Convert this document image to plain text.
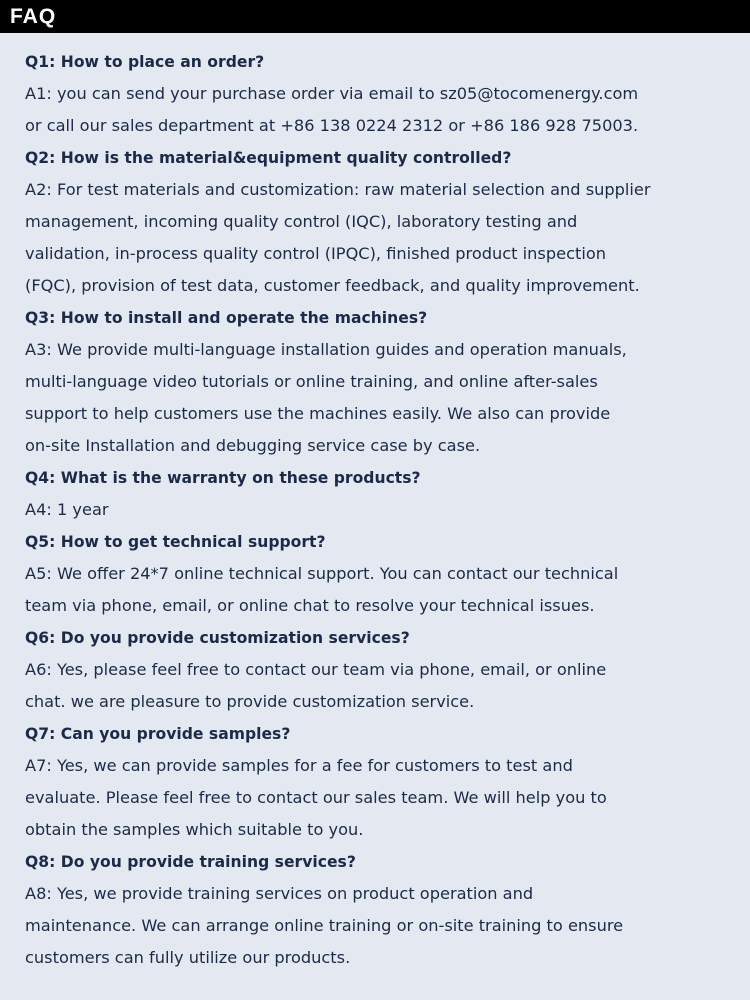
FAQ
Q1: How to place an order?
A1: you can send your purchase order via email to sz05@tocomenergy.com
or call our sales department at +86 138 0224 2312 or +86 186 928 75003.
Q2: How is the material&equipment quality controlled?
A2: For test materials and customization: raw material selection and supplier
management, incoming quality control (IQC), laboratory testing and
validation, in-process quality control (IPQC), finished product inspection
(FQC), provision of test data, customer feedback, and quality improvement.
Q3: How to install and operate the machines?
A3: We provide multi-language installation guides and operation manuals,
multi-language video tutorials or online training, and online after-sales
support to help customers use the machines easily. We also can provide
on-site Installation and debugging service case by case.
Q4: What is the warranty on these products?
A4: 1 year
Q5: How to get technical support?
A5: We offer 24*7 online technical support. You can contact our technical
team via phone, email, or online chat to resolve your technical issues.
Q6: Do you provide customization services?
A6: Yes, please feel free to contact our team via phone, email, or online
chat. we are pleasure to provide customization service.
Q7: Can you provide samples?
A7: Yes, we can provide samples for a fee for customers to test and
evaluate. Please feel free to contact our sales team. We will help you to
obtain the samples which suitable to you.
Q8: Do you provide training services?
A8: Yes, we provide training services on product operation and
maintenance. We can arrange online training or on-site training to ensure
customers can fully utilize our products.
